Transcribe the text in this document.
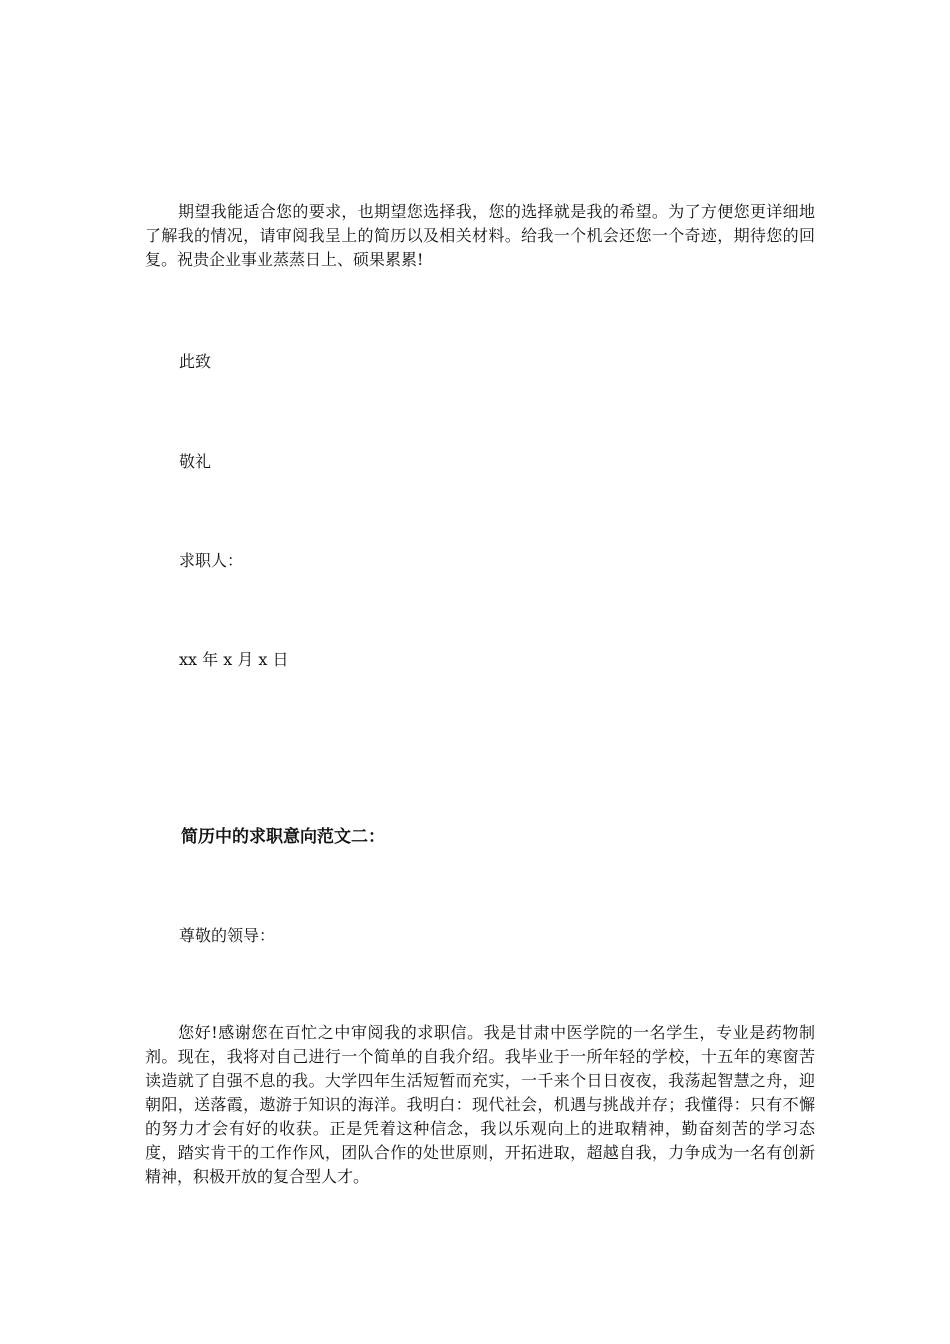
期望我能适合您的要求，也期望您选择我，您的选择就是我的希望。为了方便您更详细地了解我的情况，请审阅我呈上的简历以及相关材料。给我一个机会还您一个奇迹，期待您的回复。祝贵企业事业蒸蒸日上、硕果累累!

此致

敬礼

求职人：

xx 年 x 月 x 日

简历中的求职意向范文二：

尊敬的领导：

您好!感谢您在百忙之中审阅我的求职信。我是甘肃中医学院的一名学生，专业是药物制剂。现在，我将对自己进行一个简单的自我介绍。我毕业于一所年轻的学校，十五年的寒窗苦读造就了自强不息的我。大学四年生活短暂而充实，一千来个日日夜夜，我荡起智慧之舟，迎朝阳，送落霞，遨游于知识的海洋。我明白：现代社会，机遇与挑战并存；我懂得：只有不懈的努力才会有好的收获。正是凭着这种信念，我以乐观向上的进取精神，勤奋刻苦的学习态度，踏实肯干的工作作风，团队合作的处世原则，开拓进取，超越自我，力争成为一名有创新精神，积极开放的复合型人才。
